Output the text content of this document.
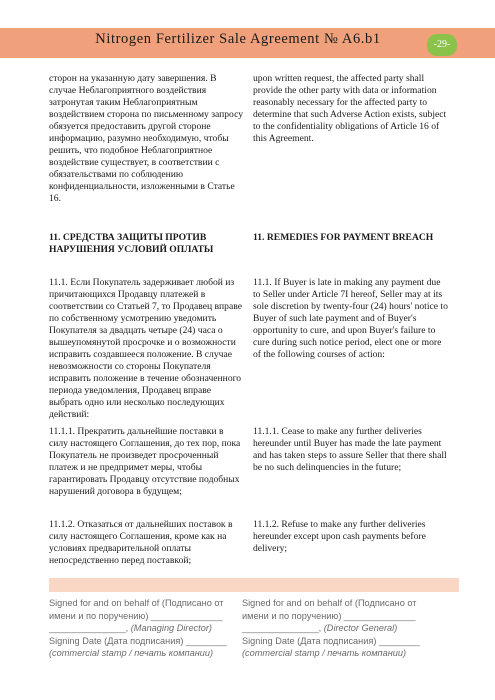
Nitrogen Fertilizer Sale Agreement № A6.b1	-29-

сторон на указанную дату завершения. В случае Неблагоприятного воздействия затронутая таким Неблагоприятным воздействием сторона по письменному запросу обязуется предоставить другой стороне информацию, разумно необходимую, чтобы решить, что подобное Неблагоприятное воздействие существует, в соответствии с обязательствами по соблюдению конфиденциальности, изложенными в Статье 16.

11. СРЕДСТВА ЗАЩИТЫ ПРОТИВ НАРУШЕНИЯ УСЛОВИЙ ОПЛАТЫ

11.1. Если Покупатель задерживает любой из причитающихся Продавцу платежей в соответствии со Статьей 7, то Продавец вправе по собственному усмотрению уведомить Покупателя за двадцать четыре (24) часа о вышеупомянутой просрочке и о возможности исправить создавшееся положение. В случае невозможности со стороны Покупателя исправить положение в течение обозначенного периода уведомления, Продавец вправе выбрать одно или несколько последующих действий:

11.1.1. Прекратить дальнейшие поставки в силу настоящего Соглашения, до тех пор, пока Покупатель не произведет просроченный платеж и не предпримет меры, чтобы гарантировать Продавцу отсутствие подобных нарушений договора в будущем;

11.1.2. Отказаться от дальнейших поставок в силу настоящего Соглашения, кроме как на условиях предварительной оплаты непосредственно перед поставкой;

upon written request, the affected party shall provide the other party with data or information reasonably necessary for the affected party to determine that such Adverse Action exists, subject to the confidentiality obligations of Article 16 of this Agreement.

11. REMEDIES FOR PAYMENT BREACH

11.1. If Buyer is late in making any payment due to Seller under Article 7I hereof, Seller may at its sole discretion by twenty-four (24) hours' notice to Buyer of such late payment and of Buyer's opportunity to cure, and upon Buyer's failure to cure during such notice period, elect one or more of the following courses of action:

11.1.1. Cease to make any further deliveries hereunder until Buyer has made the late payment and has taken steps to assure Seller that there shall be no such delinquencies in the future;

11.1.2. Refuse to make any further deliveries hereunder except upon cash payments before delivery;

Signed for and on behalf of (Подписано от
имени и по поручению) ______________
_______________, (Managing Director)
Signing Date (Дата подписания) ________
(commercial stamp / печать компании)
Signed for and on behalf of (Подписано от
имени и по поручению) ______________
_______________, (Director General)
Signing Date (Дата подписания) ________
(commercial stamp / печать компании)
